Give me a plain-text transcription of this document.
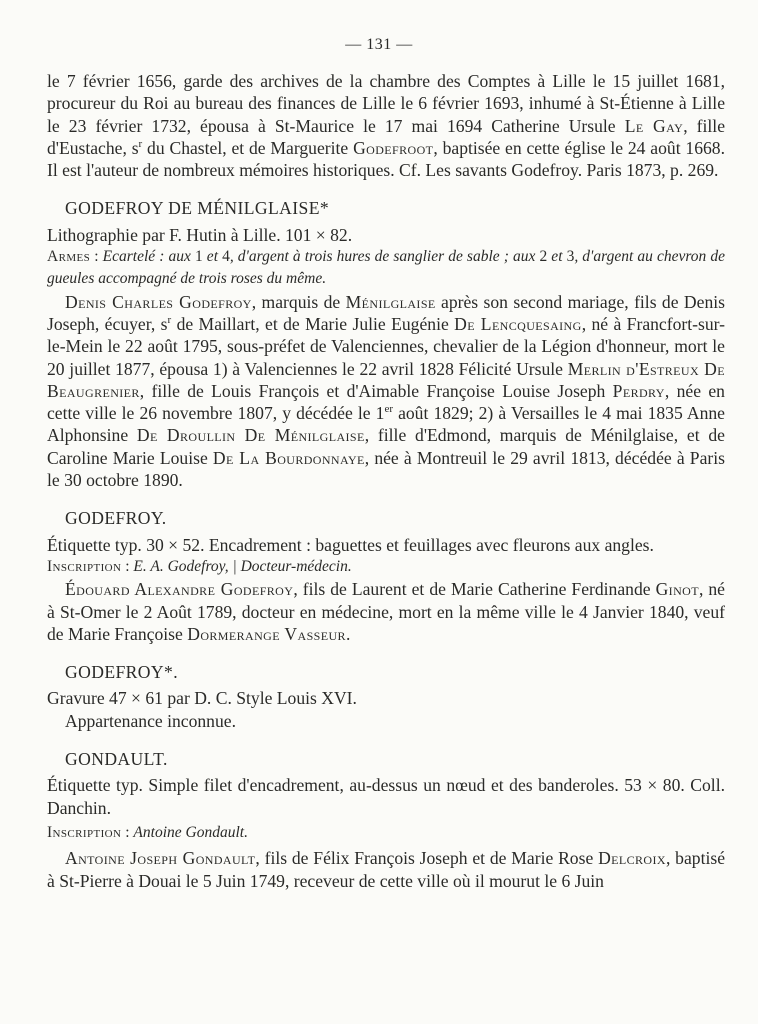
— 131 —

le 7 février 1656, garde des archives de la chambre des Comptes à Lille le 15 juillet 1681, procureur du Roi au bureau des finances de Lille le 6 février 1693, inhumé à St-Étienne à Lille le 23 février 1732, épousa à St-Maurice le 17 mai 1694 Catherine Ursule Le Gay, fille d'Eustache, $s^r$ du Chastel, et de Marguerite Godefroot, baptisée en cette église le 24 août 1668. Il est l'auteur de nombreux mémoires historiques. Cf. Les savants Godefroy. Paris 1873, p. 269.

GODEFROY DE MÉNILGLAISE*

Lithographie par F. Hutin à Lille. 101 × 82.

Armes : Ecartelé : aux 1 et 4, d'argent à trois hures de sanglier de sable ; aux 2 et 3, d'argent au chevron de gueules accompagné de trois roses du même.

Denis Charles Godefroy, marquis de Ménilglaise après son second mariage, fils de Denis Joseph, écuyer, $s^r$ de Maillart, et de Marie Julie Eugénie De Lencquesaing, né à Francfort-sur-le-Mein le 22 août 1795, sous-préfet de Valenciennes, chevalier de la Légion d'honneur, mort le 20 juillet 1877, épousa 1) à Valenciennes le 22 avril 1828 Félicité Ursule Merlin d'Estreux De Beaugrenier, fille de Louis François et d'Aimable Françoise Louise Joseph Perdry, née en cette ville le 26 novembre 1807, y décédée le 1er août 1829; 2) à Versailles le 4 mai 1835 Anne Alphonsine De Droullin De Ménilglaise, fille d'Edmond, marquis de Ménilglaise, et de Caroline Marie Louise De La Bourdonnaye, née à Montreuil le 29 avril 1813, décédée à Paris le 30 octobre 1890.

GODEFROY.

Étiquette typ. 30 × 52. Encadrement : baguettes et feuillages avec fleurons aux angles.

Inscription : E. A. Godefroy, | Docteur-médecin.

Édouard Alexandre Godefroy, fils de Laurent et de Marie Catherine Ferdinande Ginot, né à St-Omer le 2 Août 1789, docteur en médecine, mort en la même ville le 4 Janvier 1840, veuf de Marie Françoise Dormerange Vasseur.

GODEFROY*.

Gravure 47 × 61 par D. C. Style Louis XVI.

Appartenance inconnue.

GONDAULT.

Étiquette typ. Simple filet d'encadrement, au-dessus un nœud et des banderoles. 53 × 80. Coll. Danchin.

Inscription : Antoine Gondault.

Antoine Joseph Gondault, fils de Félix François Joseph et de Marie Rose Delcroix, baptisé à St-Pierre à Douai le 5 Juin 1749, receveur de cette ville où il mourut le 6 Juin
